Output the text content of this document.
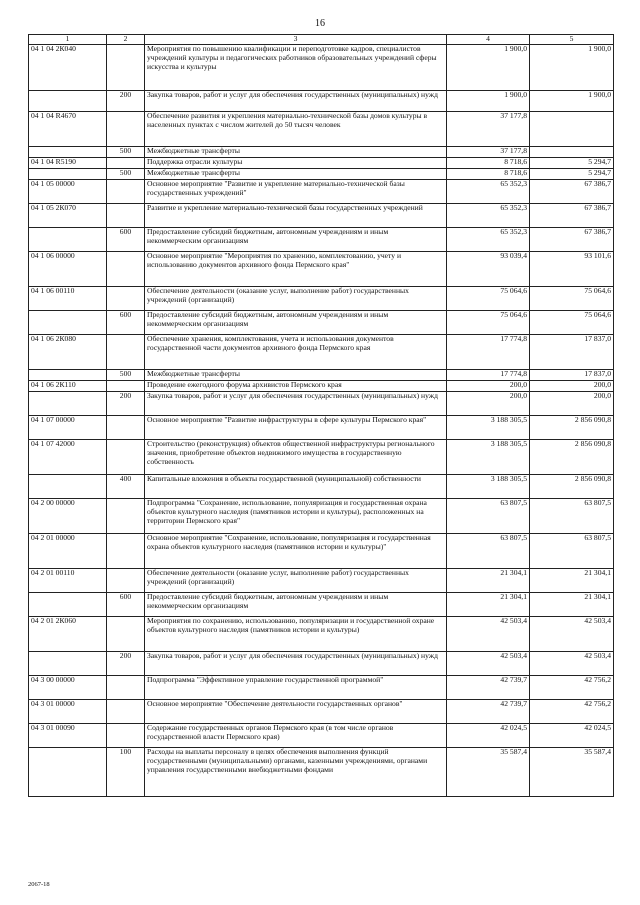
16
1	2	3	4	5
04 1 04 2К040		Мероприятия по повышению квалификации и переподготовке кадров, специалистов учреждений культуры и педагогических работников образовательных учреждений сферы искусства и культуры	1 900,0	1 900,0
	200	Закупка товаров, работ и услуг для обеспечения государственных (муниципальных) нужд	1 900,0	1 900,0
04 1 04 R4670		Обеспечение развития и укрепления материально-технической базы домов культуры в населенных пунктах с числом жителей до 50 тысяч человек	37 177,8	
	500	Межбюджетные трансферты	37 177,8	
04 1 04 R5190		Поддержка отрасли культуры	8 718,6	5 294,7
	500	Межбюджетные трансферты	8 718,6	5 294,7
04 1 05 00000		Основное мероприятие "Развитие и укрепление материально-технической базы государственных учреждений"	65 352,3	67 386,7
04 1 05 2К070		Развитие и укрепление материально-технической базы государственных учреждений	65 352,3	67 386,7
	600	Предоставление субсидий бюджетным, автономным учреждениям и иным некоммерческим организациям	65 352,3	67 386,7
04 1 06 00000		Основное мероприятие "Мероприятия по хранению, комплектованию, учету и использованию документов архивного фонда Пермского края"	93 039,4	93 101,6
04 1 06 00110		Обеспечение деятельности (оказание услуг, выполнение работ) государственных учреждений (организаций)	75 064,6	75 064,6
	600	Предоставление субсидий бюджетным, автономным учреждениям и иным некоммерческим организациям	75 064,6	75 064,6
04 1 06 2К080		Обеспечение хранения, комплектования, учета и использования документов государственной части документов архивного фонда Пермского края	17 774,8	17 837,0
	500	Межбюджетные трансферты	17 774,8	17 837,0
04 1 06 2К110		Проведение ежегодного форума архивистов Пермского края	200,0	200,0
	200	Закупка товаров, работ и услуг для обеспечения государственных (муниципальных) нужд	200,0	200,0
04 1 07 00000		Основное мероприятие "Развитие инфраструктуры в сфере культуры Пермского края"	3 188 305,5	2 856 090,8
04 1 07 42000		Строительство (реконструкция) объектов общественной инфраструктуры регионального значения, приобретение объектов недвижимого имущества в государственную собственность	3 188 305,5	2 856 090,8
	400	Капитальные вложения в объекты государственной (муниципальной) собственности	3 188 305,5	2 856 090,8
04 2 00 00000		Подпрограмма "Сохранение, использование, популяризация и государственная охрана объектов культурного наследия (памятников истории и культуры), расположенных на территории Пермского края"	63 807,5	63 807,5
04 2 01 00000		Основное мероприятие "Сохранение, использование, популяризация и государственная охрана объектов культурного наследия (памятников истории и культуры)"	63 807,5	63 807,5
04 2 01 00110		Обеспечение деятельности (оказание услуг, выполнение работ) государственных учреждений (организаций)	21 304,1	21 304,1
	600	Предоставление субсидий бюджетным, автономным учреждениям и иным некоммерческим организациям	21 304,1	21 304,1
04 2 01 2К060		Мероприятия по сохранению, использованию, популяризации и государственной охране объектов культурного наследия (памятников истории и культуры)	42 503,4	42 503,4
	200	Закупка товаров, работ и услуг для обеспечения государственных (муниципальных) нужд	42 503,4	42 503,4
04 3 00 00000		Подпрограмма "Эффективное управление государственной программой"	42 739,7	42 756,2
04 3 01 00000		Основное мероприятие "Обеспечение деятельности государственных органов"	42 739,7	42 756,2
04 3 01 00090		Содержание государственных органов Пермского края (в том числе органов государственной власти Пермского края)	42 024,5	42 024,5
	100	Расходы на выплаты персоналу в целях обеспечения выполнения функций государственными (муниципальными) органами, казенными учреждениями, органами управления государственными внебюджетными фондами	35 587,4	35 587,4
2067-18
